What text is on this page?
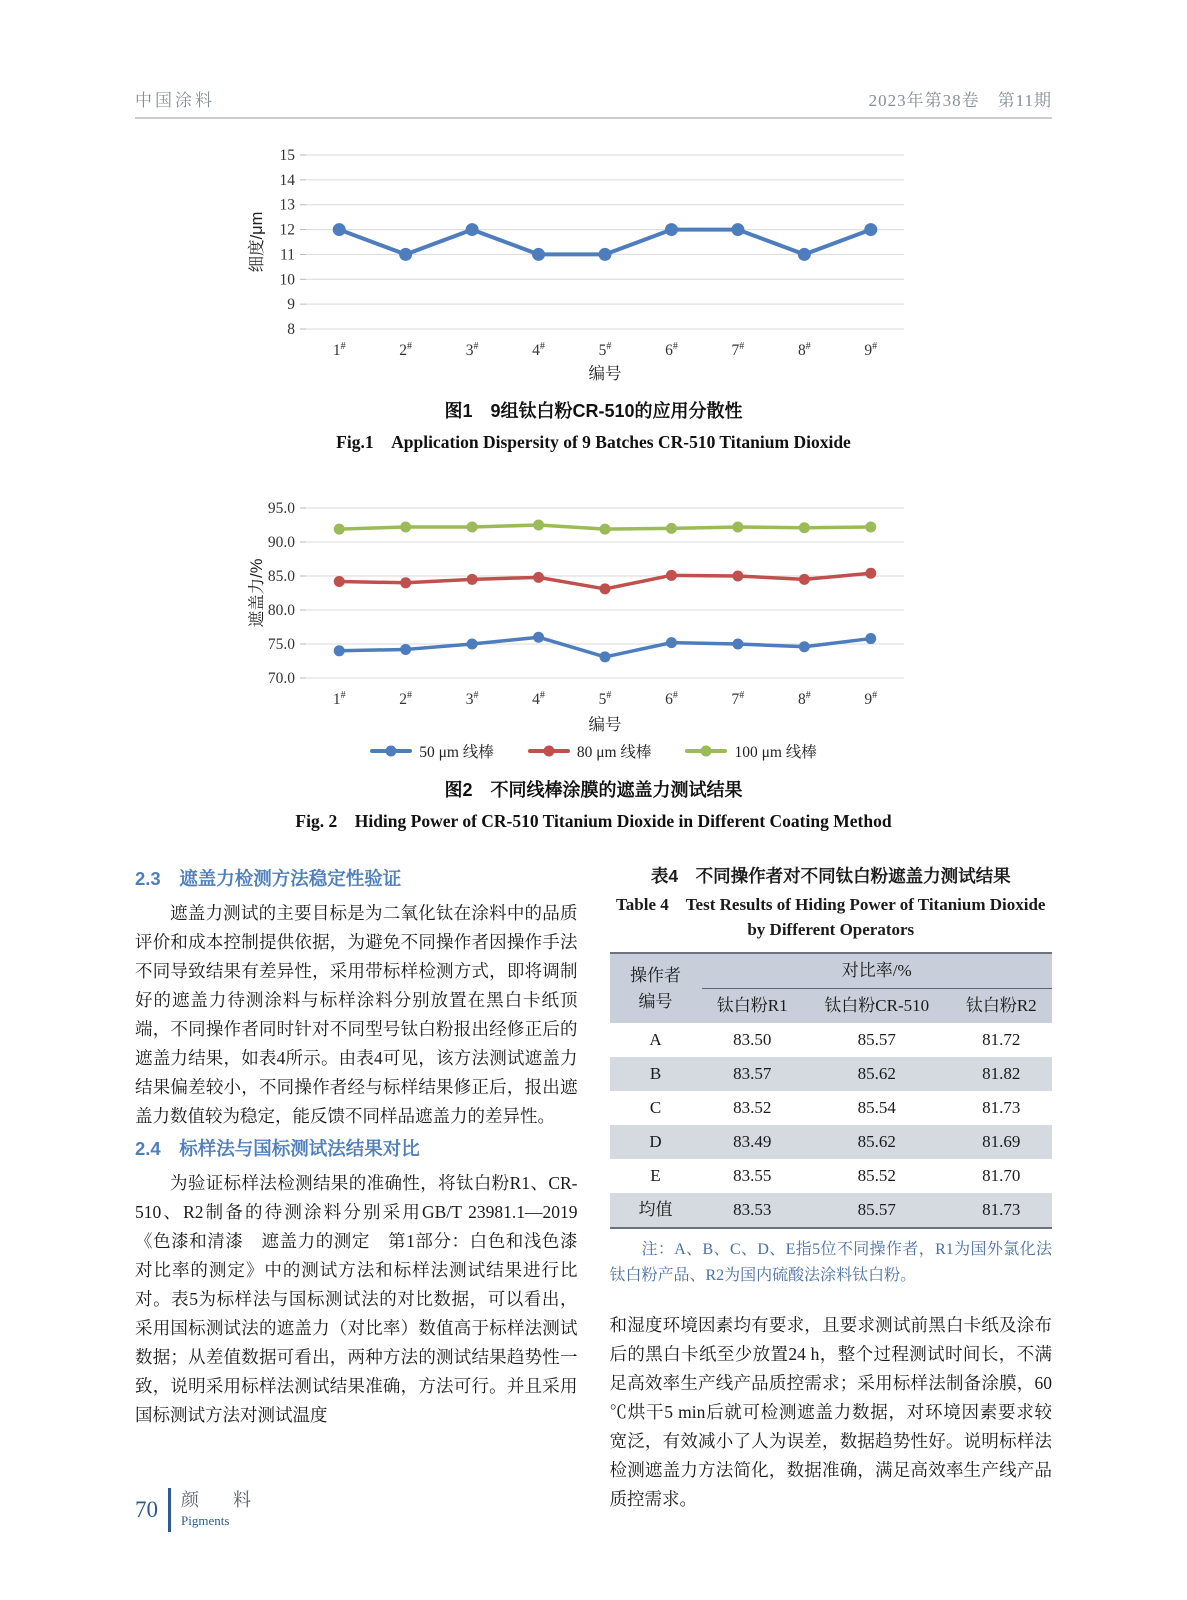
中国涂料	2023年第38卷　第11期
8
9
10
11
12
13
14
15
1#	2#	3#	4#	5#	6#	7#	8#	9#
编号
细度/μm
图1　9组钛白粉CR-510的应用分散性
Fig.1　Application Dispersity of 9 Batches CR-510 Titanium Dioxide
70.0
75.0
80.0
85.0
90.0
95.0
1#	2#	3#	4#	5#	6#	7#	8#	9#
编号
遮盖力/%
50 μm 线棒	80 μm 线棒	100 μm 线棒
图2　不同线棒涂膜的遮盖力测试结果
Fig. 2　Hiding Power of CR-510 Titanium Dioxide in Different Coating Method
2.3　遮盖力检测方法稳定性验证

遮盖力测试的主要目标是为二氧化钛在涂料中的品质评价和成本控制提供依据，为避免不同操作者因操作手法不同导致结果有差异性，采用带标样检测方式，即将调制好的遮盖力待测涂料与标样涂料分别放置在黑白卡纸顶端，不同操作者同时针对不同型号钛白粉报出经修正后的遮盖力结果，如表4所示。由表4可见，该方法测试遮盖力结果偏差较小，不同操作者经与标样结果修正后，报出遮盖力数值较为稳定，能反馈不同样品遮盖力的差异性。

2.4　标样法与国标测试法结果对比

为验证标样法检测结果的准确性，将钛白粉R1、CR-510、R2制备的待测涂料分别采用GB/T 23981.1—2019《色漆和清漆　遮盖力的测定　第1部分：白色和浅色漆对比率的测定》中的测试方法和标样法测试结果进行比对。表5为标样法与国标测试法的对比数据，可以看出，采用国标测试法的遮盖力（对比率）数值高于标样法测试数据；从差值数据可看出，两种方法的测试结果趋势性一致，说明采用标样法测试结果准确，方法可行。并且采用国标测试方法对测试温度

表4　不同操作者对不同钛白粉遮盖力测试结果
Table 4　Test Results of Hiding Power of Titanium Dioxide
by Different Operators
操作者
编号	对比率/%		
	钛白粉R1	钛白粉CR-510	钛白粉R2
A	83.50	85.57	81.72
B	83.57	85.62	81.82
C	83.52	85.54	81.73
D	83.49	85.62	81.69
E	83.55	85.52	81.70
均值	83.53	85.57	81.73
注：A、B、C、D、E指5位不同操作者，R1为国外氯化法钛白粉产品、R2为国内硫酸法涂料钛白粉。

和湿度环境因素均有要求，且要求测试前黑白卡纸及涂布后的黑白卡纸至少放置24 h，整个过程测试时间长，不满足高效率生产线产品质控需求；采用标样法制备涂膜，60 ℃烘干5 min后就可检测遮盖力数据，对环境因素要求较宽泛，有效减小了人为误差，数据趋势性好。说明标样法检测遮盖力方法简化，数据准确，满足高效率生产线产品质控需求。

70 颜　料
Pigments
